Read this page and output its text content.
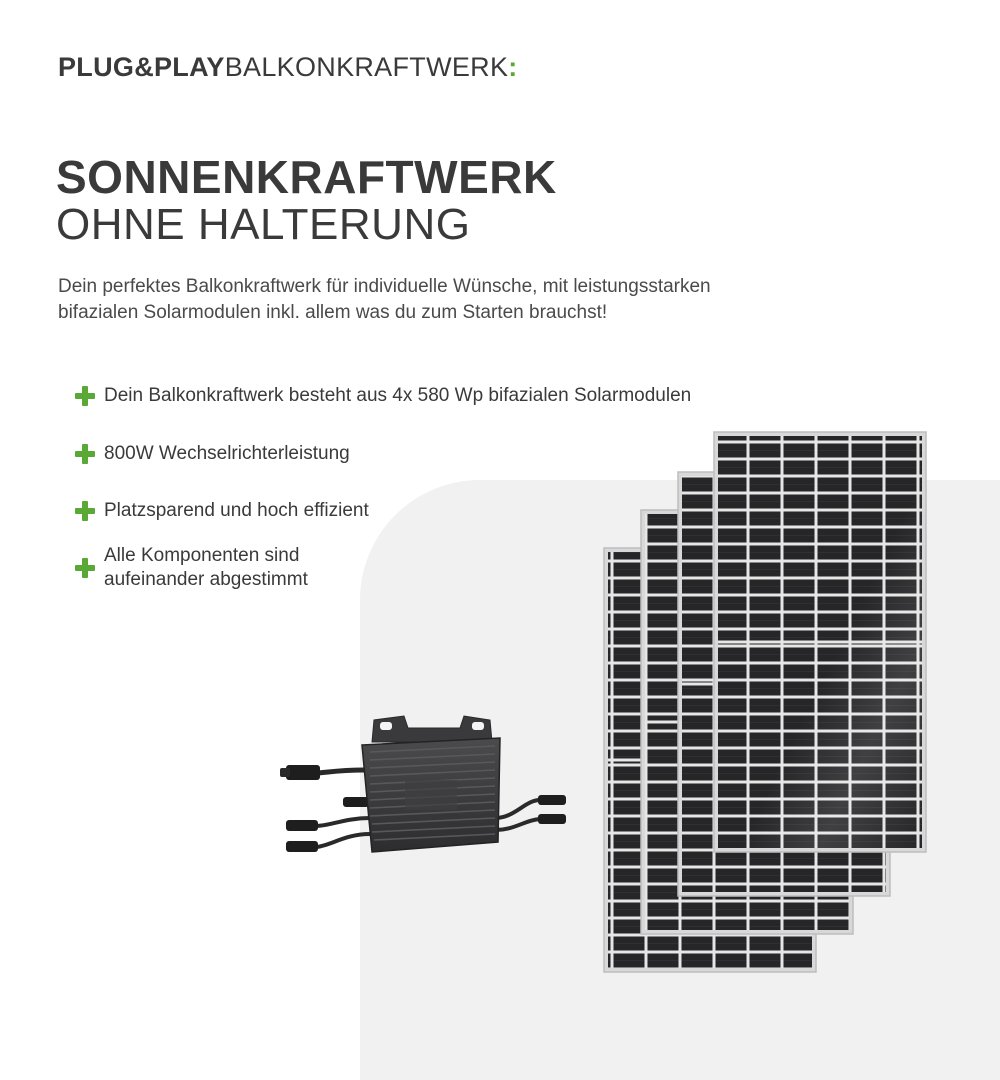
PLUG&PLAYBALKONKRAFTWERK:
SONNENKRAFTWERK
OHNE HALTERUNG
Dein perfektes Balkonkraftwerk für individuelle Wünsche, mit leistungsstarken
bifazialen Solarmodulen inkl. allem was du zum Starten brauchst!
Dein Balkonkraftwerk besteht aus 4x 580 Wp bifazialen Solarmodulen
800W Wechselrichterleistung
Platzsparend und hoch effizient
Alle Komponenten sind
aufeinander abgestimmt
